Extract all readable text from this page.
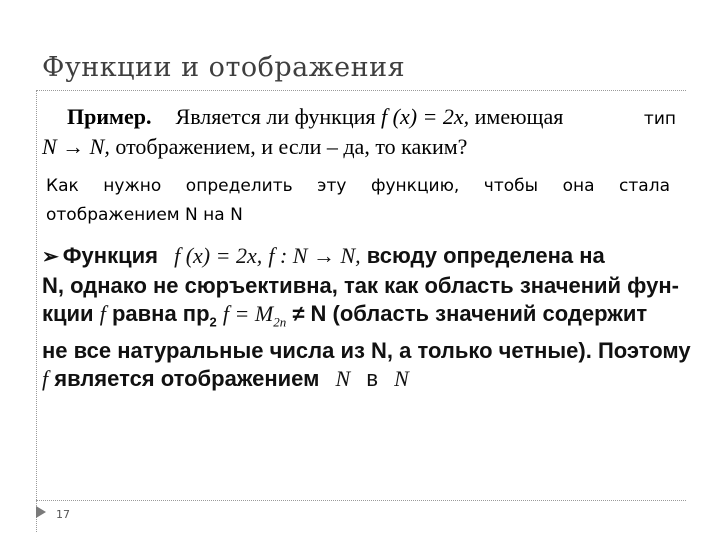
Функции и отображения
тип
Пример. Является ли функция f (x) = 2x, имеющая
N → N, отображением, и если – да, то каким?
Как нужно определить эту функцию, чтобы она стала отображением N на N
➢ Функция f (x) = 2x, f : N → N, всюду определена на
N, однако не сюръективна, так как область значений фун-
кции f равна $пр_2$ $f = M_{2n} \ne N$ (область значений содержит
не все натуральные числа из N, а только четные). Поэтому
f является отображением N в N
17
